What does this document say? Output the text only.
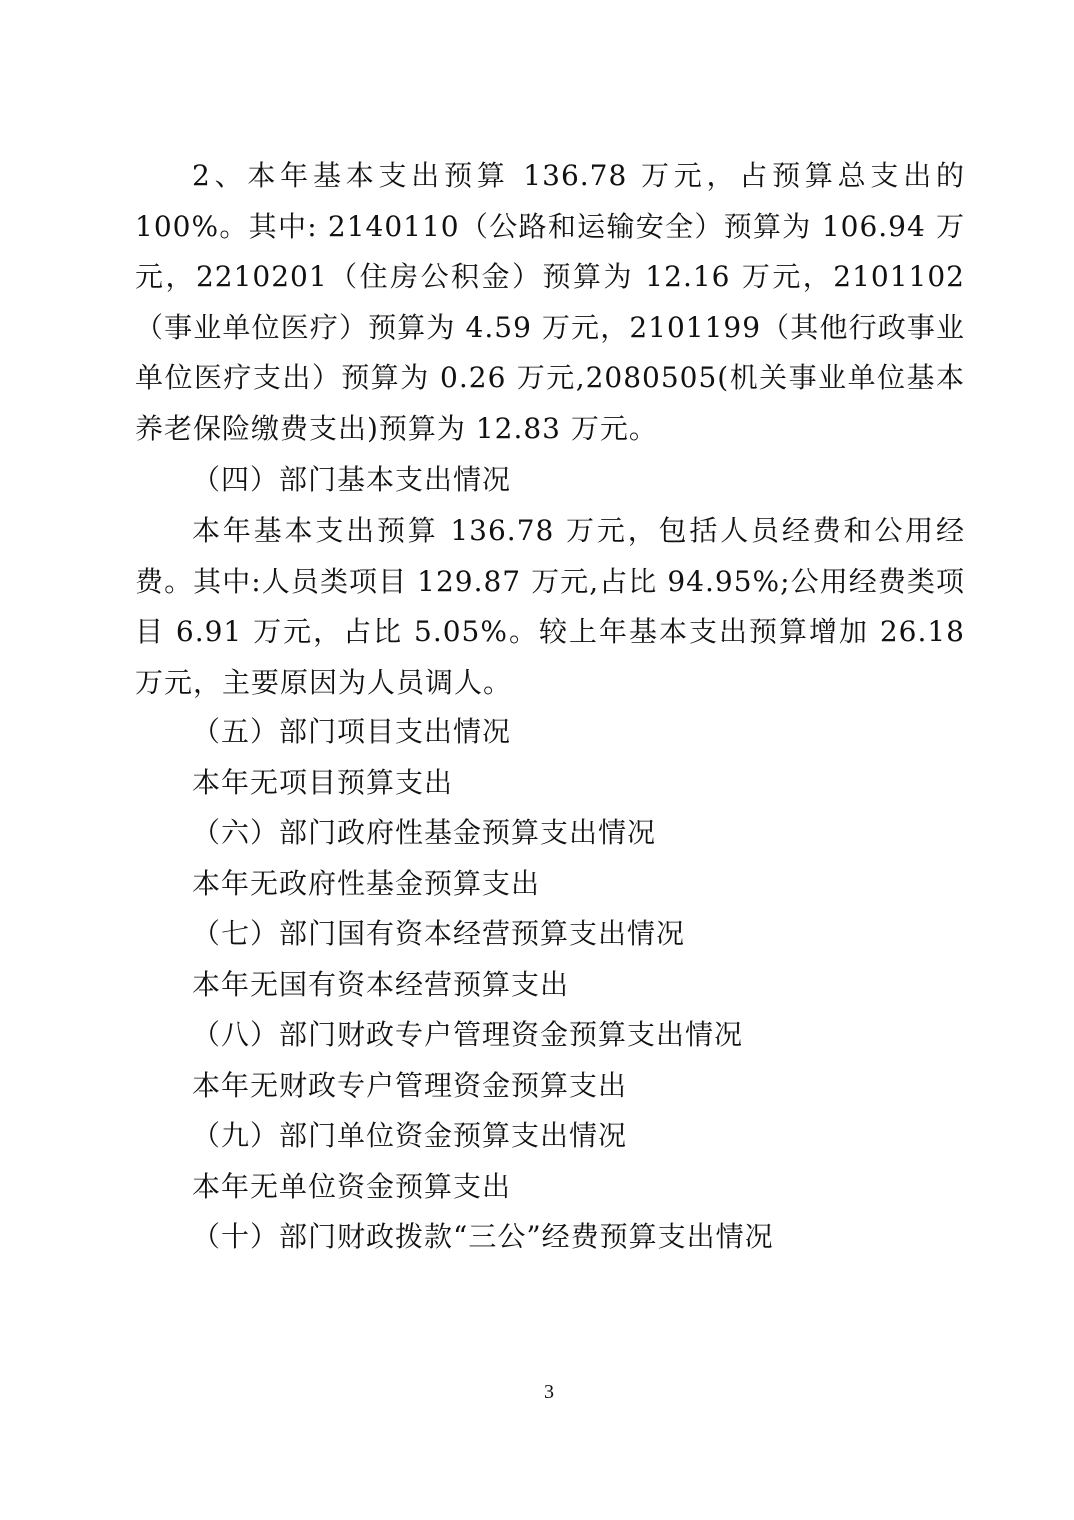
2、本年基本支出预算 136.78 万元，占预算总支出的 100%。其中: 2140110（公路和运输安全）预算为 106.94 万元，2210201（住房公积金）预算为 12.16 万元，2101102（事业单位医疗）预算为 4.59 万元，2101199（其他行政事业单位医疗支出）预算为 0.26 万元,2080505(机关事业单位基本养老保险缴费支出)预算为 12.83 万元。

（四）部门基本支出情况

本年基本支出预算 136.78 万元，包括人员经费和公用经费。其中:人员类项目 129.87 万元,占比 94.95%;公用经费类项目 6.91 万元，占比 5.05%。较上年基本支出预算增加 26.18 万元，主要原因为人员调人。

（五）部门项目支出情况
本年无项目预算支出
（六）部门政府性基金预算支出情况
本年无政府性基金预算支出
（七）部门国有资本经营预算支出情况
本年无国有资本经营预算支出
（八）部门财政专户管理资金预算支出情况
本年无财政专户管理资金预算支出
（九）部门单位资金预算支出情况
本年无单位资金预算支出
（十）部门财政拨款“三公”经费预算支出情况
3
